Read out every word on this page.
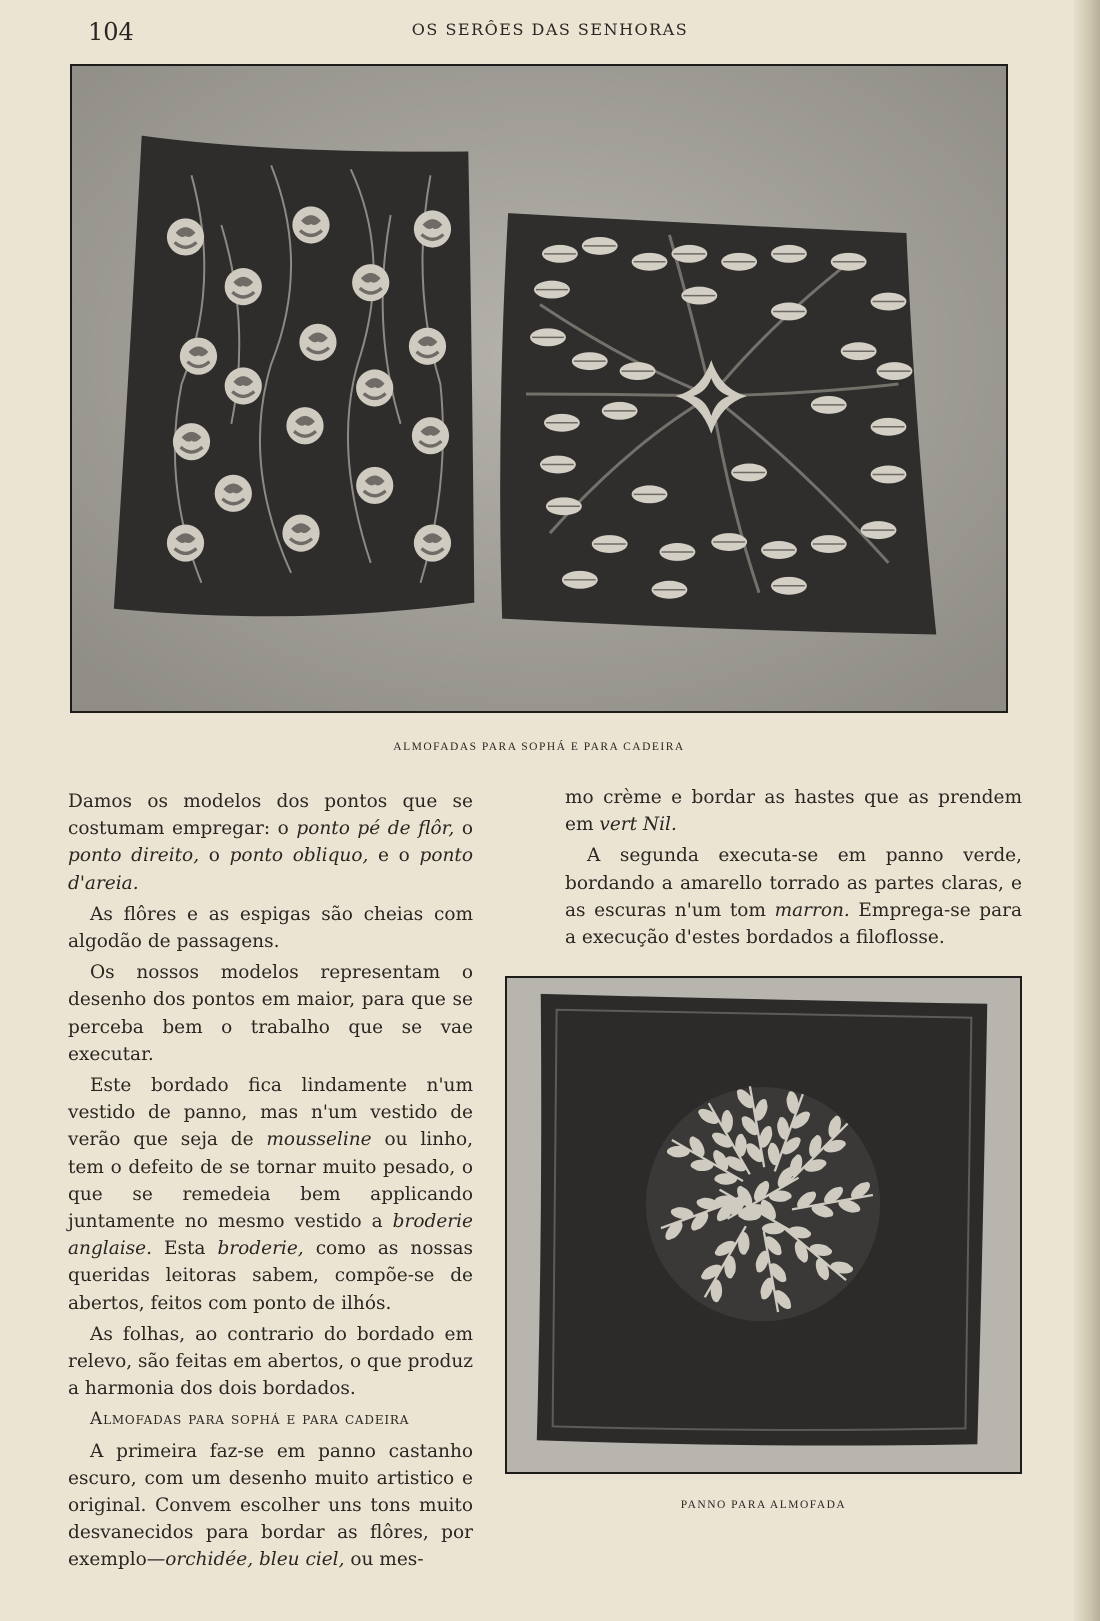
104	OS SERÔES DAS SENHORAS
ALMOFADAS PARA SOPHÁ E PARA CADEIRA

Damos os modelos dos pontos que se costumam empregar: o ponto pé de flôr, o ponto direito, o ponto obliquo, e o ponto d'areia.

As flôres e as espigas são cheias com algodão de passagens.

Os nossos modelos representam o desenho dos pontos em maior, para que se perceba bem o trabalho que se vae executar.

Este bordado fica lindamente n'um vestido de panno, mas n'um vestido de verão que seja de mousseline ou linho, tem o defeito de se tornar muito pesado, o que se remedeia bem applicando juntamente no mesmo vestido a broderie anglaise. Esta broderie, como as nossas queridas leitoras sabem, compõe-se de abertos, feitos com ponto de ilhós.

As folhas, ao contrario do bordado em relevo, são feitas em abertos, o que produz a harmonia dos dois bordados.

Almofadas para sophá e para cadeira

A primeira faz-se em panno castanho escuro, com um desenho muito artistico e original. Convem escolher uns tons muito desvanecidos para bordar as flôres, por exemplo—orchidée, bleu ciel, ou mes-

mo crème e bordar as hastes que as prendem em vert Nil.

A segunda executa-se em panno verde, bordando a amarello torrado as partes claras, e as escuras n'um tom marron. Emprega-se para a execução d'estes bordados a filoflosse.

PANNO PARA ALMOFADA
